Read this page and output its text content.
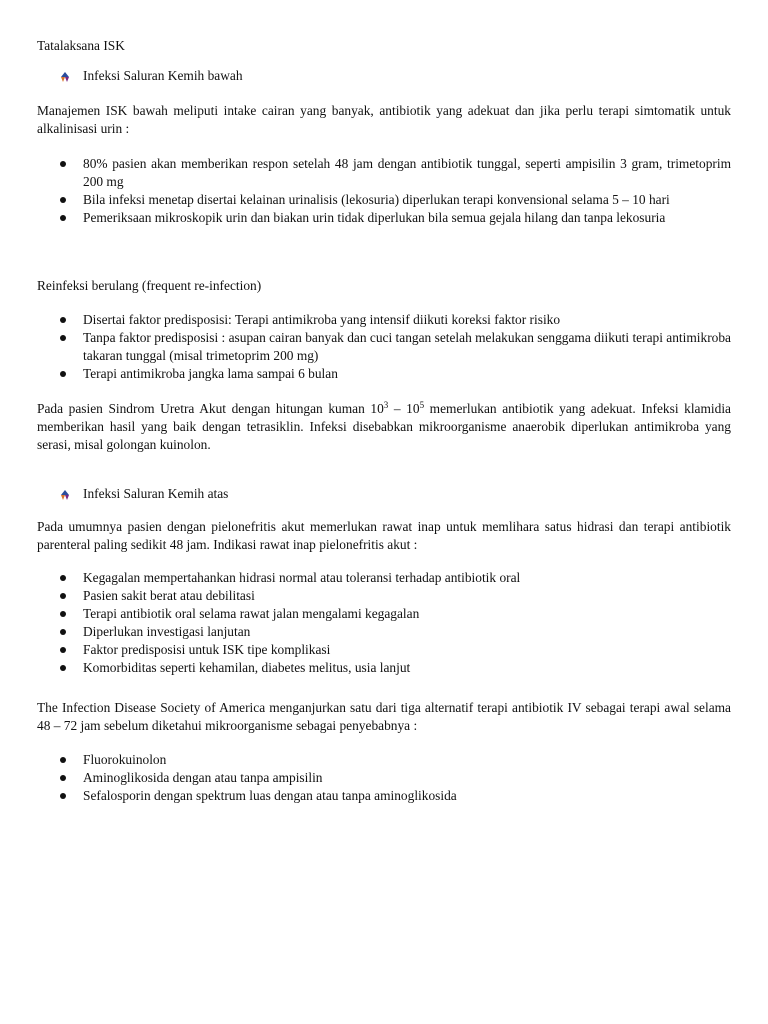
Tatalaksana ISK

Infeksi Saluran Kemih bawah

Manajemen ISK bawah meliputi intake cairan yang banyak, antibiotik yang adekuat dan jika perlu terapi simtomatik untuk alkalinisasi urin :

80% pasien akan memberikan respon setelah 48 jam dengan antibiotik tunggal, seperti ampisilin 3 gram, trimetoprim 200 mg
Bila infeksi menetap disertai kelainan urinalisis (lekosuria) diperlukan terapi konvensional selama 5 – 10 hari
Pemeriksaan mikroskopik urin dan biakan urin tidak diperlukan bila semua gejala hilang dan tanpa lekosuria

Reinfeksi berulang (frequent re-infection)

Disertai faktor predisposisi: Terapi antimikroba yang intensif diikuti koreksi faktor risiko
Tanpa faktor predisposisi : asupan cairan banyak dan cuci tangan setelah melakukan senggama diikuti terapi antimikroba takaran tunggal (misal trimetoprim 200 mg)
Terapi antimikroba jangka lama sampai 6 bulan

Pada pasien Sindrom Uretra Akut dengan hitungan kuman $10^3 - 10^5$ memerlukan antibiotik yang adekuat. Infeksi klamidia memberikan hasil yang baik dengan tetrasiklin. Infeksi disebabkan mikroorganisme anaerobik diperlukan antimikroba yang serasi, misal golongan kuinolon.

Infeksi Saluran Kemih atas

Pada umumnya pasien dengan pielonefritis akut memerlukan rawat inap untuk memlihara satus hidrasi dan terapi antibiotik parenteral paling sedikit 48 jam. Indikasi rawat inap pielonefritis akut :

Kegagalan mempertahankan hidrasi normal atau toleransi terhadap antibiotik oral
Pasien sakit berat atau debilitasi
Terapi antibiotik oral selama rawat jalan mengalami kegagalan
Diperlukan investigasi lanjutan
Faktor predisposisi untuk ISK tipe komplikasi
Komorbiditas seperti kehamilan, diabetes melitus, usia lanjut

The Infection Disease Society of America menganjurkan satu dari tiga alternatif terapi antibiotik IV sebagai terapi awal selama 48 – 72 jam sebelum diketahui mikroorganisme sebagai penyebabnya :

Fluorokuinolon
Aminoglikosida dengan atau tanpa ampisilin
Sefalosporin dengan spektrum luas dengan atau tanpa aminoglikosida
